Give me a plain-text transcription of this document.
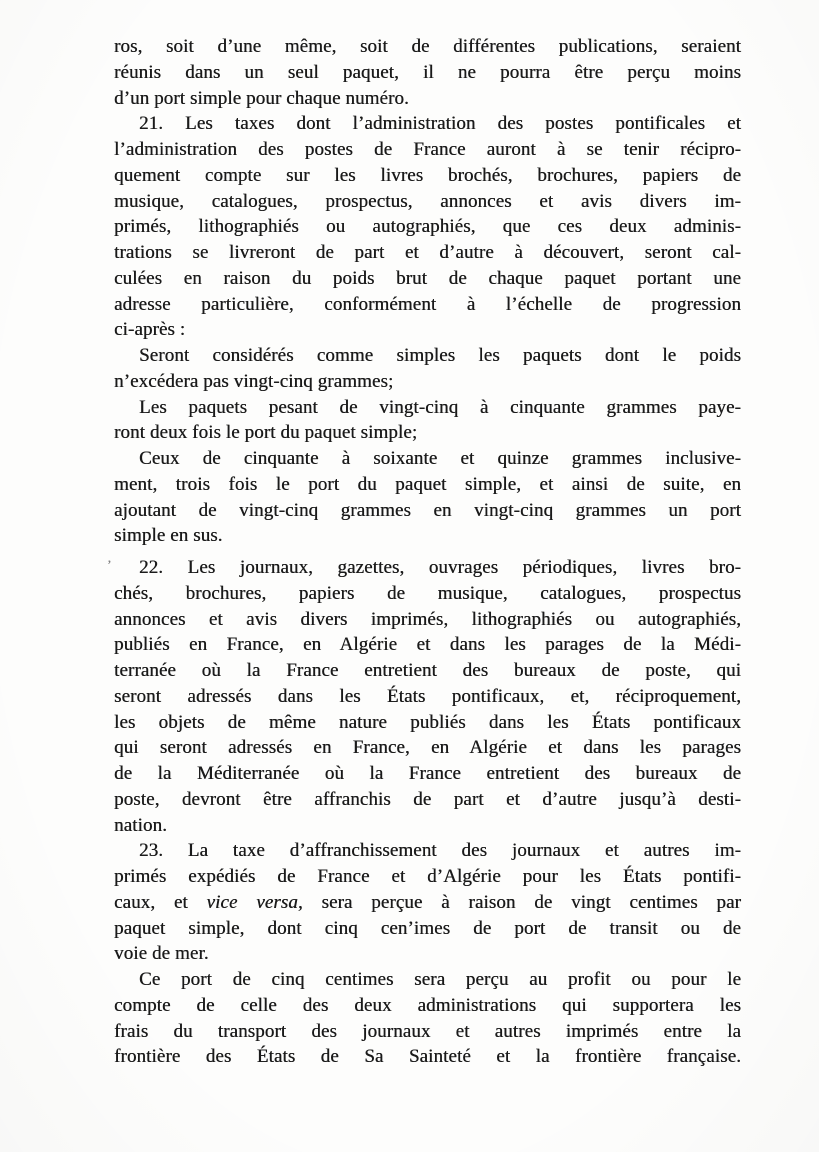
ros, soit d’une même, soit de différentes publications, seraient
réunis dans un seul paquet, il ne pourra être perçu moins
d’un port simple pour chaque numéro.
21. Les taxes dont l’administration des postes pontificales et
l’administration des postes de France auront à se tenir récipro-
quement compte sur les livres brochés, brochures, papiers de
musique, catalogues, prospectus, annonces et avis divers im-
primés, lithographiés ou autographiés, que ces deux adminis-
trations se livreront de part et d’autre à découvert, seront cal-
culées en raison du poids brut de chaque paquet portant une
adresse particulière, conformément à l’échelle de progression
ci-après :
Seront considérés comme simples les paquets dont le poids
n’excédera pas vingt-cinq grammes;
Les paquets pesant de vingt-cinq à cinquante grammes paye-
ront deux fois le port du paquet simple;
Ceux de cinquante à soixante et quinze grammes inclusive-
ment, trois fois le port du paquet simple, et ainsi de suite, en
ajoutant de vingt-cinq grammes en vingt-cinq grammes un port
simple en sus.
22. Les journaux, gazettes, ouvrages périodiques, livres bro-
’
chés, brochures, papiers de musique, catalogues, prospectus
annonces et avis divers imprimés, lithographiés ou autographiés,
publiés en France, en Algérie et dans les parages de la Médi-
terranée où la France entretient des bureaux de poste, qui
seront adressés dans les États pontificaux, et, réciproquement,
les objets de même nature publiés dans les États pontificaux
qui seront adressés en France, en Algérie et dans les parages
de la Méditerranée où la France entretient des bureaux de
poste, devront être affranchis de part et d’autre jusqu’à desti-
nation.
23. La taxe d’affranchissement des journaux et autres im-
primés expédiés de France et d’Algérie pour les États pontifi-
caux, et vice versa, sera perçue à raison de vingt centimes par
paquet simple, dont cinq cen’imes de port de transit ou de
voie de mer.
Ce port de cinq centimes sera perçu au profit ou pour le
compte de celle des deux administrations qui supportera les
frais du transport des journaux et autres imprimés entre la
frontière des États de Sa Sainteté et la frontière française.
